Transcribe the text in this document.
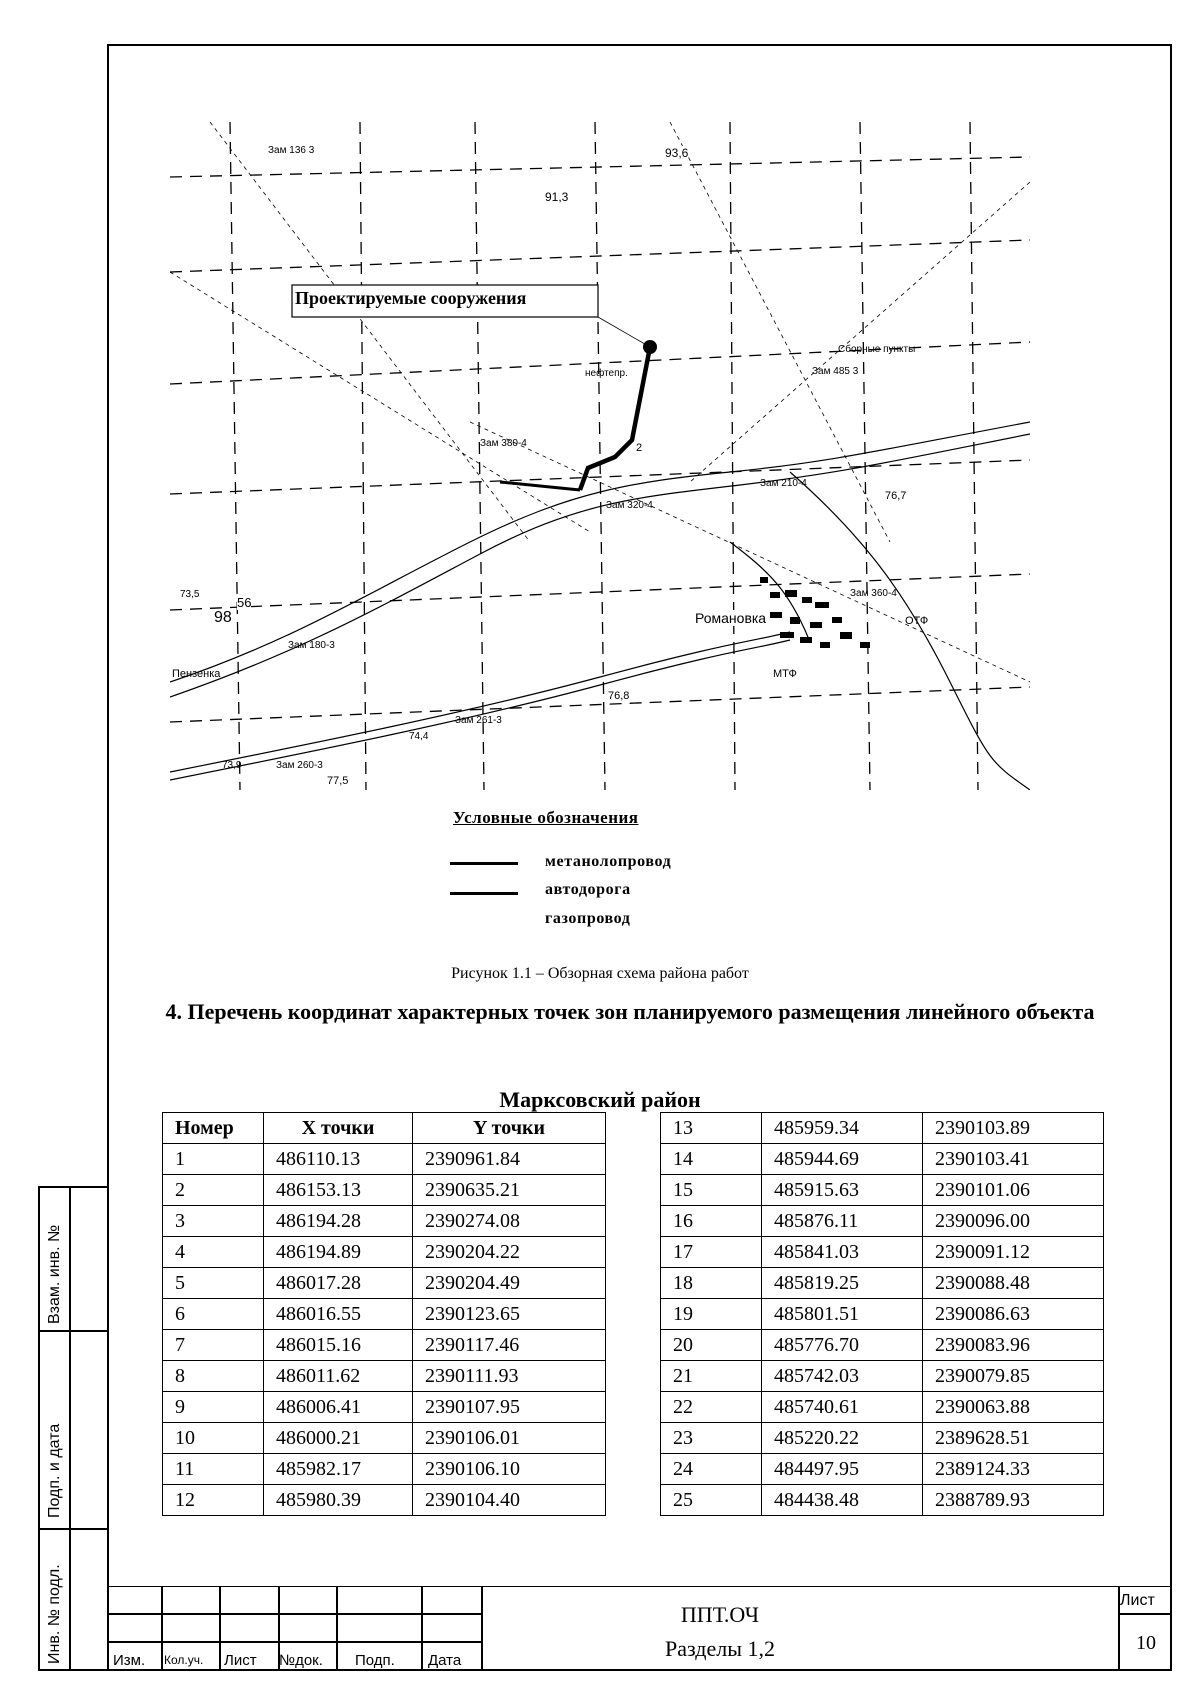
Взам. инв. №
Подп. и дата
Инв. № подл.
Проектируемые сооружения
Романовка
Зам 380-4
Зам 320-4
Зам 210-4
Зам 485 3
Зам 260-3
Зам 261-3
Зам 180-3
Зам 360-4
Пензенка
Зам 136 3	93,6
91,3
76,8
77,5
73,9
74,4
76,7
98
56
73,5
МТФ
ОТФ
нефтепр.
Сборные пункты
2
Условные обозначения
метанолопровод
автодорога
газопровод
Рисунок 1.1 – Обзорная схема района работ
4. Перечень координат характерных точек зон планируемого размещения линейного объекта
Марксовский район
Номер	X точки	Y точки
1	486110.13	2390961.84
2	486153.13	2390635.21
3	486194.28	2390274.08
4	486194.89	2390204.22
5	486017.28	2390204.49
6	486016.55	2390123.65
7	486015.16	2390117.46
8	486011.62	2390111.93
9	486006.41	2390107.95
10	486000.21	2390106.01
11	485982.17	2390106.10
12	485980.39	2390104.40
13	485959.34	2390103.89
14	485944.69	2390103.41
15	485915.63	2390101.06
16	485876.11	2390096.00
17	485841.03	2390091.12
18	485819.25	2390088.48
19	485801.51	2390086.63
20	485776.70	2390083.96
21	485742.03	2390079.85
22	485740.61	2390063.88
23	485220.22	2389628.51
24	484497.95	2389124.33
25	484438.48	2388789.93
Изм. Кол.уч. Лист №док. Подп. Дата
ППТ.ОЧ
Разделы 1,2
Лист
10
